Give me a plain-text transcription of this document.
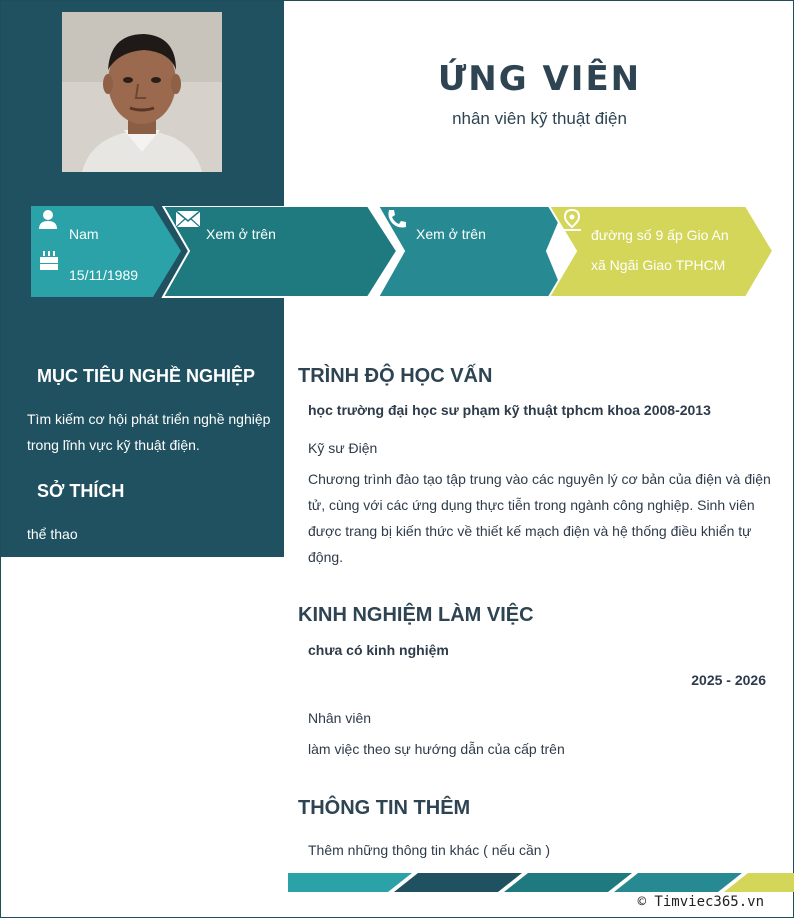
ỨNG VIÊN
nhân viên kỹ thuật điện
Nam
15/11/1989
Xem ở trên	Xem ở trên	đường số 9 ấp Gio An xã Ngãi Giao TPHCM
MỤC TIÊU NGHỀ NGHIỆP
Tìm kiếm cơ hội phát triển nghề nghiệp trong lĩnh vực kỹ thuật điện.
SỞ THÍCH
thể thao
TRÌNH ĐỘ HỌC VẤN
học trường đại học sư phạm kỹ thuật tphcm khoa 2008-2013
Kỹ sư Điện
Chương trình đào tạo tập trung vào các nguyên lý cơ bản của điện và điện tử, cùng với các ứng dụng thực tiễn trong ngành công nghiệp. Sinh viên được trang bị kiến thức về thiết kế mạch điện và hệ thống điều khiển tự động.
KINH NGHIỆM LÀM VIỆC
chưa có kinh nghiệm
2025 - 2026
Nhân viên
làm việc theo sự hướng dẫn của cấp trên
THÔNG TIN THÊM
Thêm những thông tin khác ( nếu cần )
© Timviec365.vn
